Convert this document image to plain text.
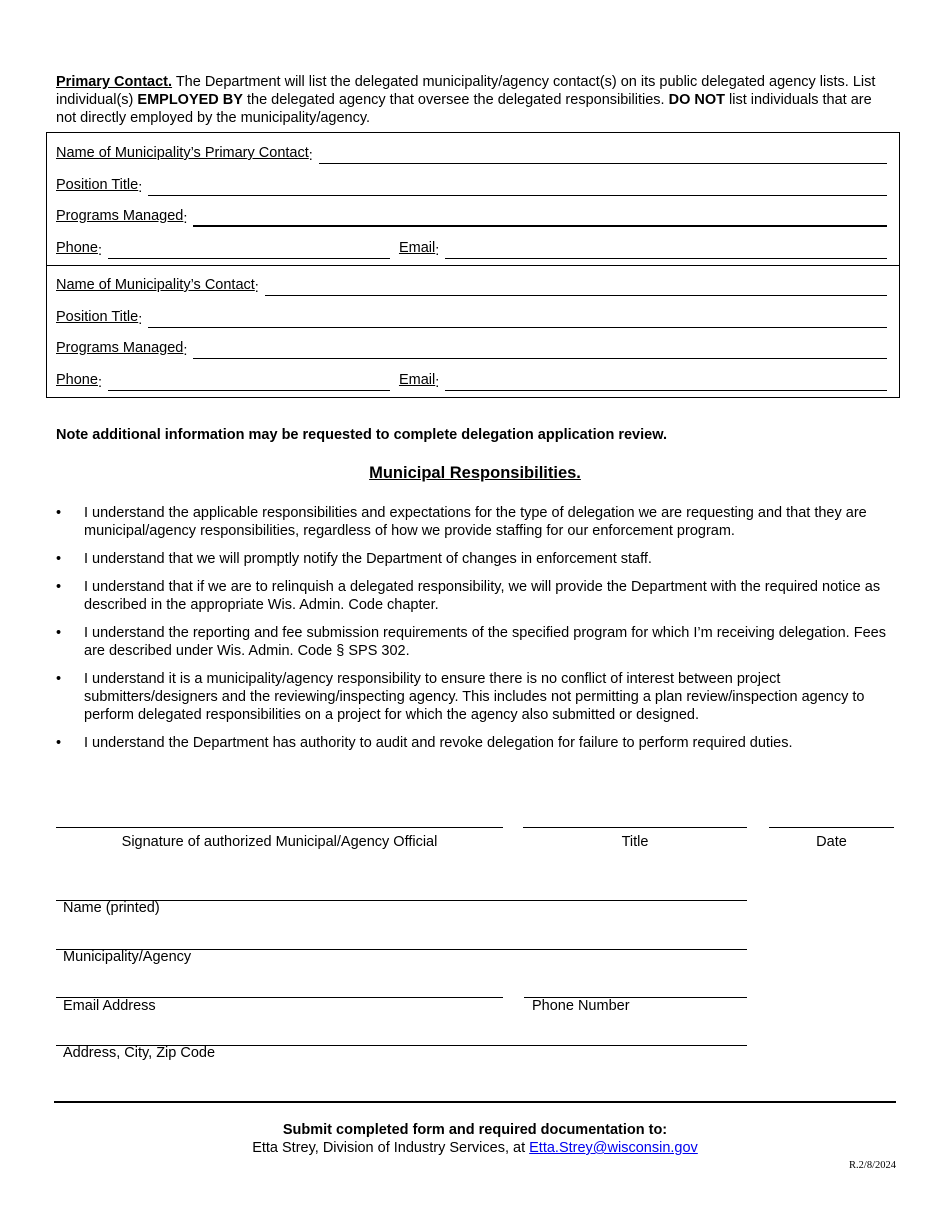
Primary Contact. The Department will list the delegated municipality/agency contact(s) on its public delegated agency lists. List individual(s) EMPLOYED BY the delegated agency that oversee the delegated responsibilities. DO NOT list individuals that are not directly employed by the municipality/agency.
Name of Municipality’s Primary Contact :
Position Title :
Programs Managed :
Phone :	Email :
Name of Municipality’s Contact :
Position Title :
Programs Managed :
Phone :	Email :
Note additional information may be requested to complete delegation application review.
Municipal Responsibilities.
• I understand the applicable responsibilities and expectations for the type of delegation we are requesting and that they are municipal/agency responsibilities, regardless of how we provide staffing for our enforcement program.
• I understand that we will promptly notify the Department of changes in enforcement staff.
• I understand that if we are to relinquish a delegated responsibility, we will provide the Department with the required notice as described in the appropriate Wis. Admin. Code chapter.
• I understand the reporting and fee submission requirements of the specified program for which I’m receiving delegation. Fees are described under Wis. Admin. Code § SPS 302.
• I understand it is a municipality/agency responsibility to ensure there is no conflict of interest between project submitters/designers and the reviewing/inspecting agency. This includes not permitting a plan review/inspection agency to perform delegated responsibilities on a project for which the agency also submitted or designed.
• I understand the Department has authority to audit and revoke delegation for failure to perform required duties.
Signature of authorized Municipal/Agency Official	Title	Date
Name (printed)
Municipality/Agency
Email Address	Phone Number
Address, City, Zip Code
Submit completed form and required documentation to:
Etta Strey, Division of Industry Services, at Etta.Strey@wisconsin.gov
R.2/8/2024
